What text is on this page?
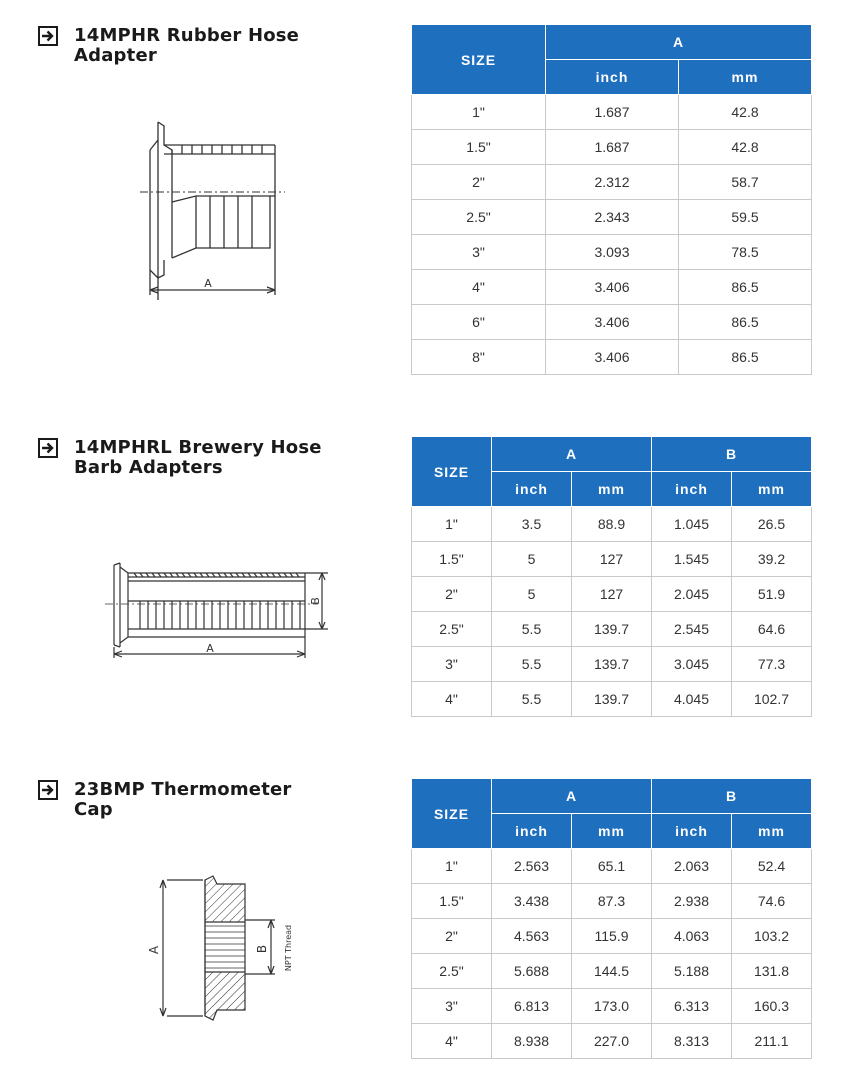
14MPHR Rubber Hose
Adapter
A
SIZE	A	
	inch	mm
1"	1.687	42.8
1.5"	1.687	42.8
2"	2.312	58.7
2.5"	2.343	59.5
3"	3.093	78.5
4"	3.406	86.5
6"	3.406	86.5
8"	3.406	86.5
14MPHRL Brewery Hose
Barb Adapters
A
B
SIZE	A		B	
	inch	mm	inch	mm
1"	3.5	88.9	1.045	26.5
1.5"	5	127	1.545	39.2
2"	5	127	2.045	51.9
2.5"	5.5	139.7	2.545	64.6
3"	5.5	139.7	3.045	77.3
4"	5.5	139.7	4.045	102.7
23BMP Thermometer
Cap
A	B NPT Thread
SIZE	A		B	
	inch	mm	inch	mm
1"	2.563	65.1	2.063	52.4
1.5"	3.438	87.3	2.938	74.6
2"	4.563	115.9	4.063	103.2
2.5"	5.688	144.5	5.188	131.8
3"	6.813	173.0	6.313	160.3
4"	8.938	227.0	8.313	211.1
